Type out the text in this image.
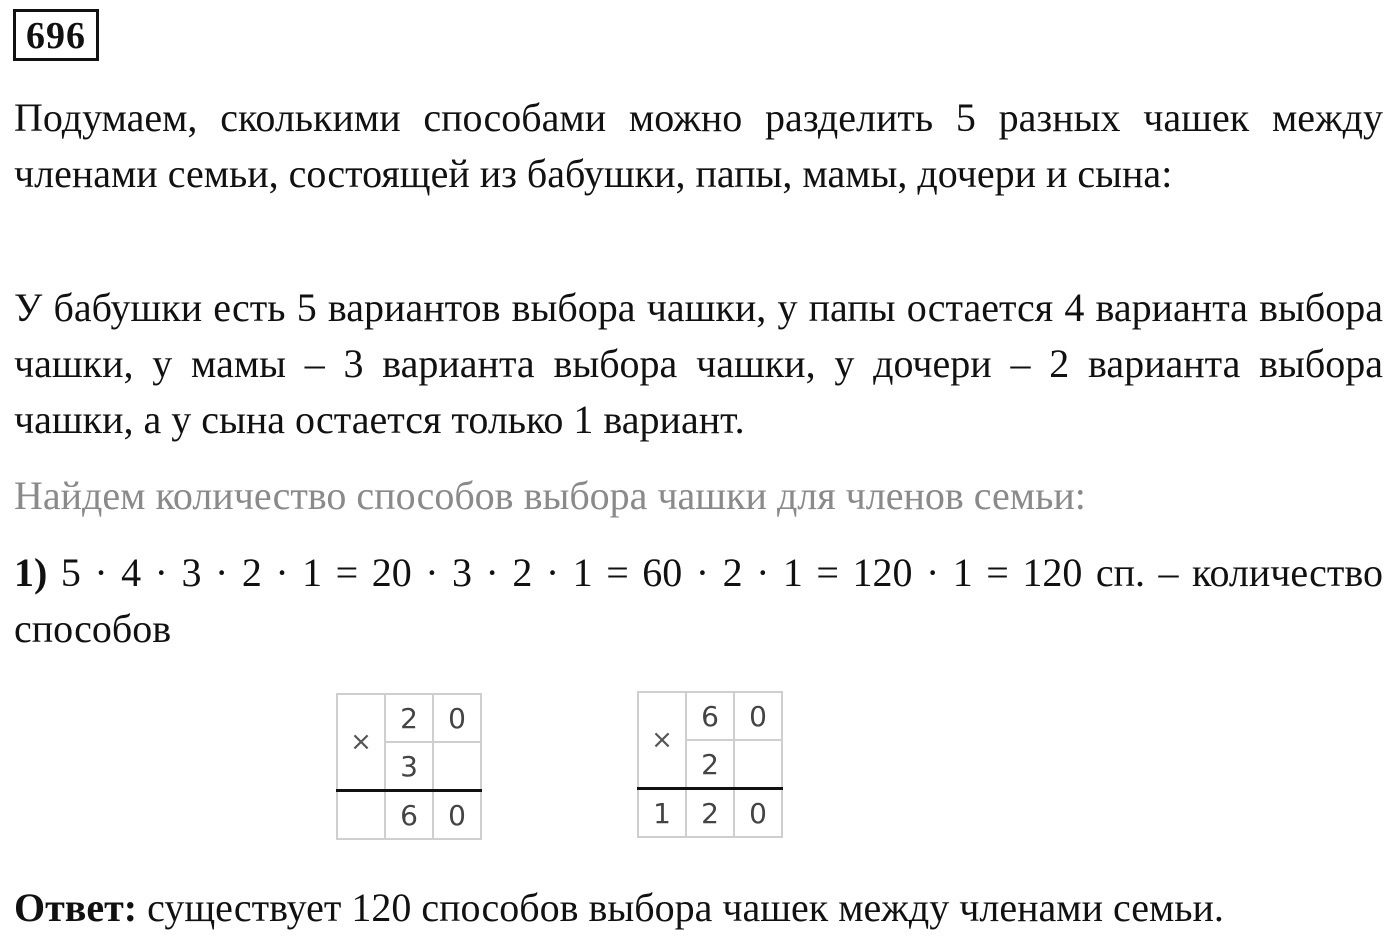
696
Подумаем, сколькими способами можно разделить 5 разных чашек между членами семьи, состоящей из бабушки, папы, мамы, дочери и сына:
У бабушки есть 5 вариантов выбора чашки, у папы остается 4 варианта выбора чашки, у мамы – 3 варианта выбора чашки, у дочери – 2 варианта выбора чашки, а у сына остается только 1 вариант.
Найдем количество способов выбора чашки для членов семьи:
1) 5 · 4 · 3 · 2 · 1 = 20 · 3 · 2 · 1 = 60 · 2 · 1 = 120 · 1 = 120 сп. – количество способов
×	2	0
	3	
	6	0
×	6	0
	2	
1	2	0
Ответ: существует 120 способов выбора чашек между членами семьи.
